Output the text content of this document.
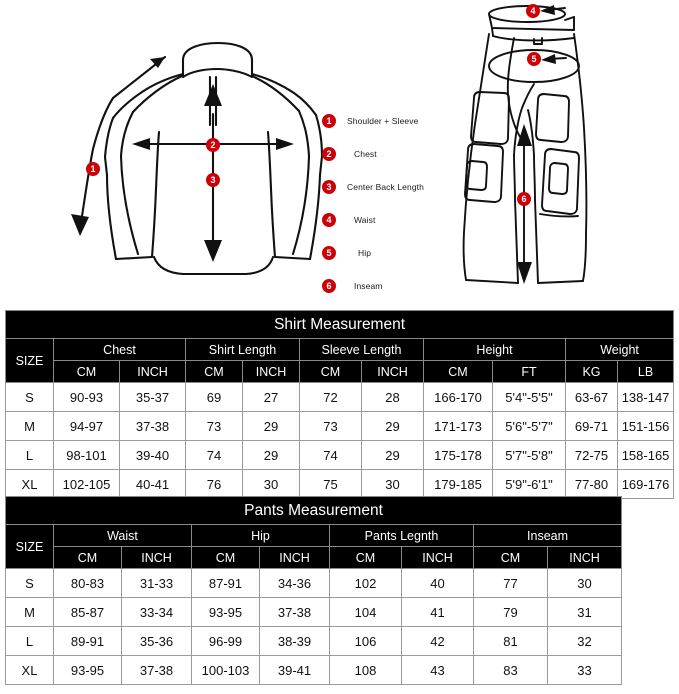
1
2
3
4
5
6
1	Shoulder + Sleeve
2	Chest
3	Center Back Length
4	Waist
5	Hip
6	Inseam
Shirt Measurement										
SIZE	Chest		Shirt Length		Sleeve Length		Height		Weight	
	CM	INCH	CM	INCH	CM	INCH	CM	FT	KG	LB
S	90-93	35-37	69	27	72	28	166-170	5'4"-5'5"	63-67	138-147
M	94-97	37-38	73	29	73	29	171-173	5'6"-5'7"	69-71	151-156
L	98-101	39-40	74	29	74	29	175-178	5'7"-5'8"	72-75	158-165
XL	102-105	40-41	76	30	75	30	179-185	5'9"-6'1"	77-80	169-176
Pants Measurement								
SIZE	Waist		Hip		Pants Legnth		Inseam	
	CM	INCH	CM	INCH	CM	INCH	CM	INCH
S	80-83	31-33	87-91	34-36	102	40	77	30
M	85-87	33-34	93-95	37-38	104	41	79	31
L	89-91	35-36	96-99	38-39	106	42	81	32
XL	93-95	37-38	100-103	39-41	108	43	83	33
